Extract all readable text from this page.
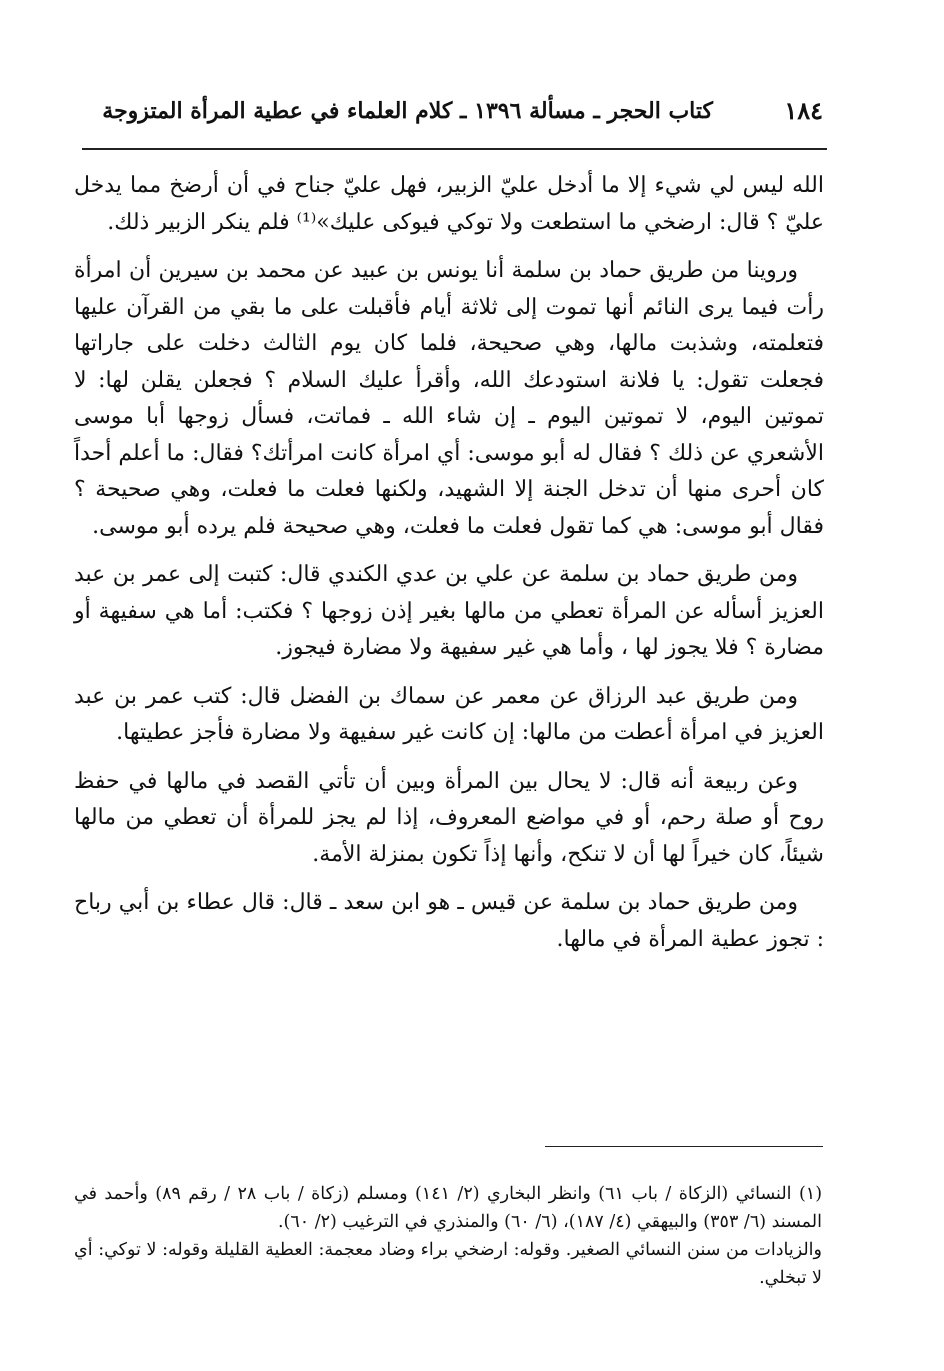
كتاب الحجر ـ مسألة ١٣٩٦ ـ كلام العلماء في عطية المرأة المتزوجة	١٨٤

الله ليس لي شيء إلا ما أدخل عليّ الزبير، فهل عليّ جناح في أن أرضخ مما يدخل عليّ ؟ قال: ارضخي ما استطعت ولا توكي فيوكى عليك»⁽¹⁾ فلم ينكر الزبير ذلك.

وروينا من طريق حماد بن سلمة أنا يونس بن عبيد عن محمد بن سيرين أن امرأة رأت فيما يرى النائم أنها تموت إلى ثلاثة أيام فأقبلت على ما بقي من القرآن عليها فتعلمته، وشذبت مالها، وهي صحيحة، فلما كان يوم الثالث دخلت على جاراتها فجعلت تقول: يا فلانة استودعك الله، وأقرأ عليك السلام ؟ فجعلن يقلن لها: لا تموتين اليوم، لا تموتين اليوم ـ إن شاء الله ـ فماتت، فسأل زوجها أبا موسى الأشعري عن ذلك ؟ فقال له أبو موسى: أي امرأة كانت امرأتك؟ فقال: ما أعلم أحداً كان أحرى منها أن تدخل الجنة إلا الشهيد، ولكنها فعلت ما فعلت، وهي صحيحة ؟ فقال أبو موسى: هي كما تقول فعلت ما فعلت، وهي صحيحة فلم يرده أبو موسى.

ومن طريق حماد بن سلمة عن علي بن عدي الكندي قال: كتبت إلى عمر بن عبد العزيز أسأله عن المرأة تعطي من مالها بغير إذن زوجها ؟ فكتب: أما هي سفيهة أو مضارة ؟ فلا يجوز لها ، وأما هي غير سفيهة ولا مضارة فيجوز.

ومن طريق عبد الرزاق عن معمر عن سماك بن الفضل قال: كتب عمر بن عبد العزيز في امرأة أعطت من مالها: إن كانت غير سفيهة ولا مضارة فأجز عطيتها.

وعن ربيعة أنه قال: لا يحال بين المرأة وبين أن تأتي القصد في مالها في حفظ روح أو صلة رحم، أو في مواضع المعروف، إذا لم يجز للمرأة أن تعطي من مالها شيئاً، كان خيراً لها أن لا تنكح، وأنها إذاً تكون بمنزلة الأمة.

ومن طريق حماد بن سلمة عن قيس ـ هو ابن سعد ـ قال: قال عطاء بن أبي رباح : تجوز عطية المرأة في مالها.

(١) النسائي (الزكاة / باب ٦١) وانظر البخاري (٢/ ١٤١) ومسلم (زكاة / باب ٢٨ / رقم ٨٩) وأحمد في المسند (٦/ ٣٥٣) والبيهقي (٤/ ١٨٧)، (٦/ ٦٠) والمنذري في الترغيب (٢/ ٦٠).

والزيادات من سنن النسائي الصغير. وقوله: ارضخي براء وضاد معجمة: العطية القليلة وقوله: لا توكي: أي لا تبخلي.
